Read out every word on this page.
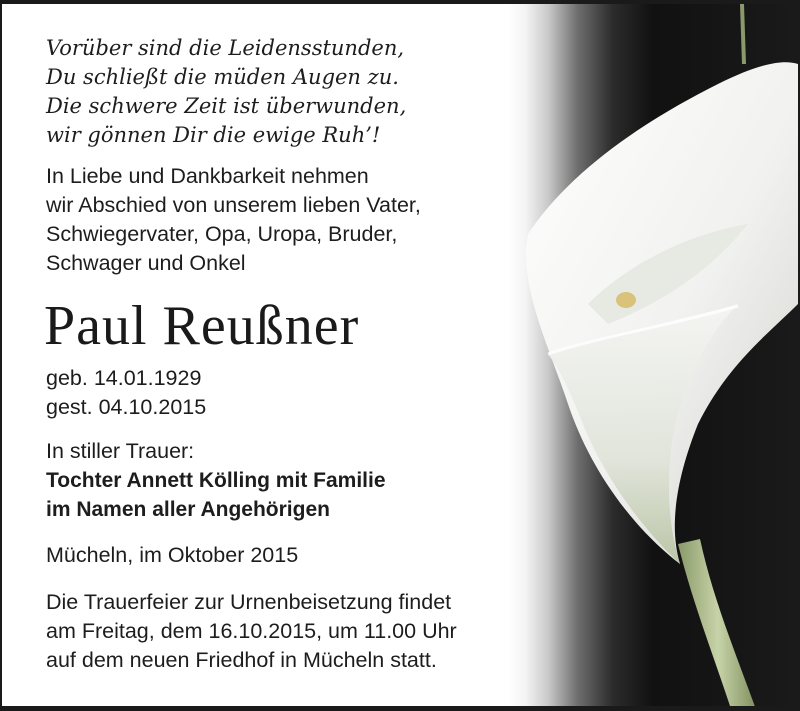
Vorüber sind die Leidensstunden,
Du schließt die müden Augen zu.
Die schwere Zeit ist überwunden,
wir gönnen Dir die ewige Ruh’!
In Liebe und Dankbarkeit nehmen
wir Abschied von unserem lieben Vater,
Schwiegervater, Opa, Uropa, Bruder,
Schwager und Onkel
Paul Reußner
geb. 14.01.1929
gest. 04.10.2015
In stiller Trauer:
Tochter Annett Kölling mit Familie
im Namen aller Angehörigen
Mücheln, im Oktober 2015
Die Trauerfeier zur Urnenbeisetzung findet
am Freitag, dem 16.10.2015, um 11.00 Uhr
auf dem neuen Friedhof in Mücheln statt.
